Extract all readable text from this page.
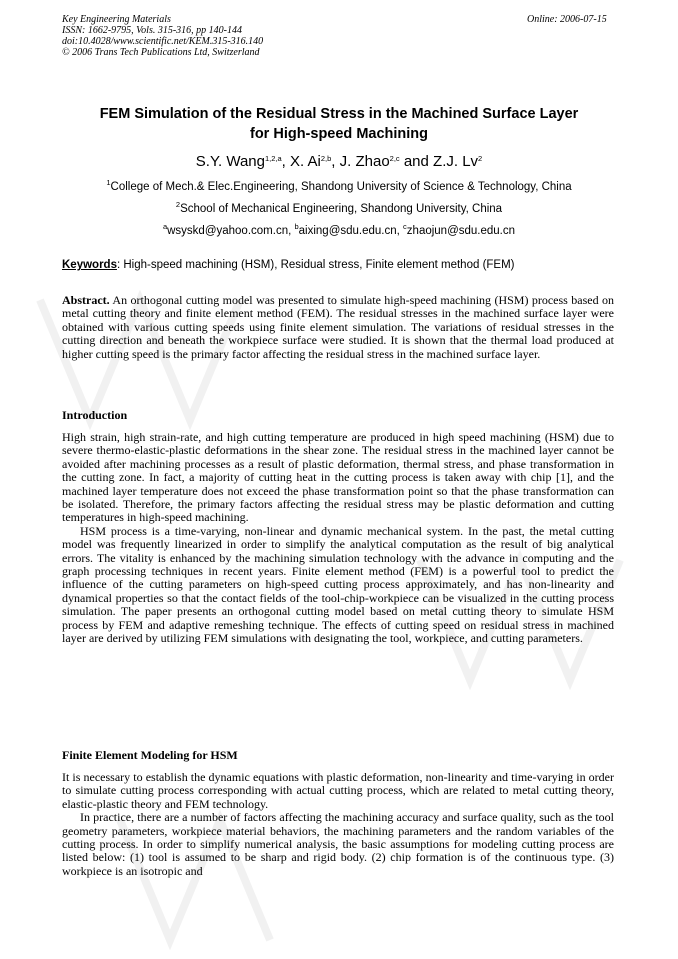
Key Engineering Materials
ISSN: 1662-9795, Vols. 315-316, pp 140-144
doi:10.4028/www.scientific.net/KEM.315-316.140
© 2006 Trans Tech Publications Ltd, Switzerland
Online: 2006-07-15
FEM Simulation of the Residual Stress in the Machined Surface Layer
for High-speed Machining
S.Y. Wang$^{1,2,a}$, X. Ai$^{2,b}$, J. Zhao$^{2,c}$ and Z.J. Lv$^2$
$^1$College of Mech.& Elec.Engineering, Shandong University of Science & Technology, China
$^2$School of Mechanical Engineering, Shandong University, China
$^a$wsyskd@yahoo.com.cn, $^b$aixing@sdu.edu.cn, $^c$zhaojun@sdu.edu.cn
Keywords: High-speed machining (HSM), Residual stress, Finite element method (FEM)

Abstract. An orthogonal cutting model was presented to simulate high-speed machining (HSM) process based on metal cutting theory and finite element method (FEM). The residual stresses in the machined surface layer were obtained with various cutting speeds using finite element simulation. The variations of residual stresses in the cutting direction and beneath the workpiece surface were studied. It is shown that the thermal load produced at higher cutting speed is the primary factor affecting the residual stress in the machined surface layer.

Introduction

High strain, high strain-rate, and high cutting temperature are produced in high speed machining (HSM) due to severe thermo-elastic-plastic deformations in the shear zone. The residual stress in the machined layer cannot be avoided after machining processes as a result of plastic deformation, thermal stress, and phase transformation in the cutting zone. In fact, a majority of cutting heat in the cutting process is taken away with chip [1], and the machined layer temperature does not exceed the phase transformation point so that the phase transformation can be isolated. Therefore, the primary factors affecting the residual stress may be plastic deformation and cutting temperatures in high-speed machining.

HSM process is a time-varying, non-linear and dynamic mechanical system. In the past, the metal cutting model was frequently linearized in order to simplify the analytical computation as the result of big analytical errors. The vitality is enhanced by the machining simulation technology with the advance in computing and the graph processing techniques in recent years. Finite element method (FEM) is a powerful tool to predict the influence of the cutting parameters on high-speed cutting process approximately, and has non-linearity and dynamical properties so that the contact fields of the tool-chip-workpiece can be visualized in the cutting process simulation. The paper presents an orthogonal cutting model based on metal cutting theory to simulate HSM process by FEM and adaptive remeshing technique. The effects of cutting speed on residual stress in machined layer are derived by utilizing FEM simulations with designating the tool, workpiece, and cutting parameters.

Finite Element Modeling for HSM

It is necessary to establish the dynamic equations with plastic deformation, non-linearity and time-varying in order to simulate cutting process corresponding with actual cutting process, which are related to metal cutting theory, elastic-plastic theory and FEM technology.

In practice, there are a number of factors affecting the machining accuracy and surface quality, such as the tool geometry parameters, workpiece material behaviors, the machining parameters and the random variables of the cutting process. In order to simplify numerical analysis, the basic assumptions for modeling cutting process are listed below: (1) tool is assumed to be sharp and rigid body. (2) chip formation is of the continuous type. (3) workpiece is an isotropic and
